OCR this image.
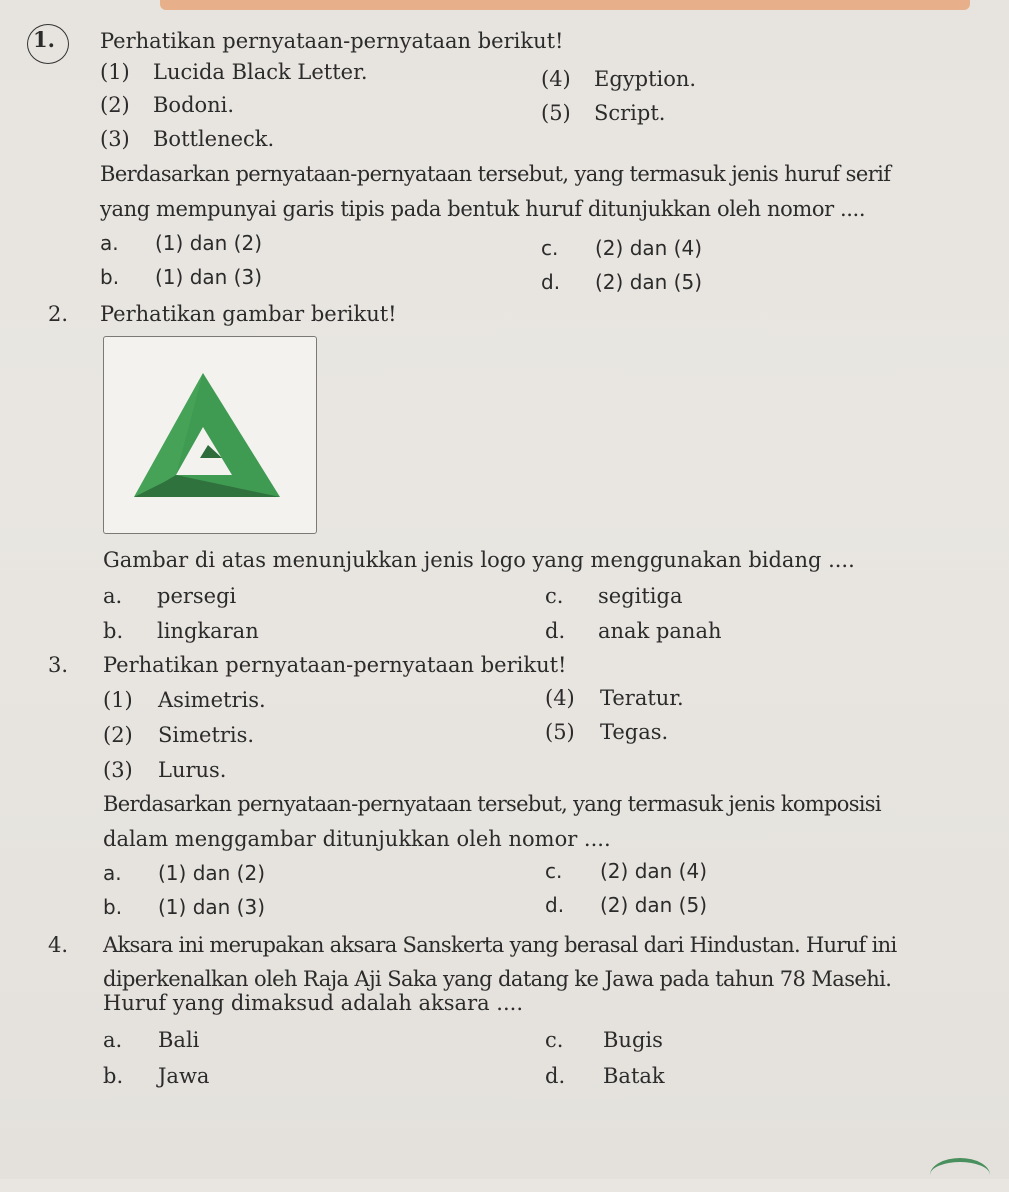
1. Perhatikan pernyataan-pernyataan berikut!
(1) Lucida Black Letter.
(2) Bodoni.
(3) Bottleneck.
(4) Egyption.
(5) Script.
Berdasarkan pernyataan-pernyataan tersebut, yang termasuk jenis huruf serif
yang mempunyai garis tipis pada bentuk huruf ditunjukkan oleh nomor ....
a. (1) dan (2)
b. (1) dan (3)
c. (2) dan (4)
d. (2) dan (5)
2. Perhatikan gambar berikut!
Gambar di atas menunjukkan jenis logo yang menggunakan bidang ....
a. persegi
b. lingkaran
c. segitiga
d. anak panah
3. Perhatikan pernyataan-pernyataan berikut!
(1) Asimetris.
(2) Simetris.
(3) Lurus.
(4) Teratur.
(5) Tegas.
Berdasarkan pernyataan-pernyataan tersebut, yang termasuk jenis komposisi
dalam menggambar ditunjukkan oleh nomor ....
a. (1) dan (2)
b. (1) dan (3)
c. (2) dan (4)
d. (2) dan (5)
4. Aksara ini merupakan aksara Sanskerta yang berasal dari Hindustan. Huruf ini
diperkenalkan oleh Raja Aji Saka yang datang ke Jawa pada tahun 78 Masehi.
Huruf yang dimaksud adalah aksara ....
a. Bali
b. Jawa
c. Bugis
d. Batak
